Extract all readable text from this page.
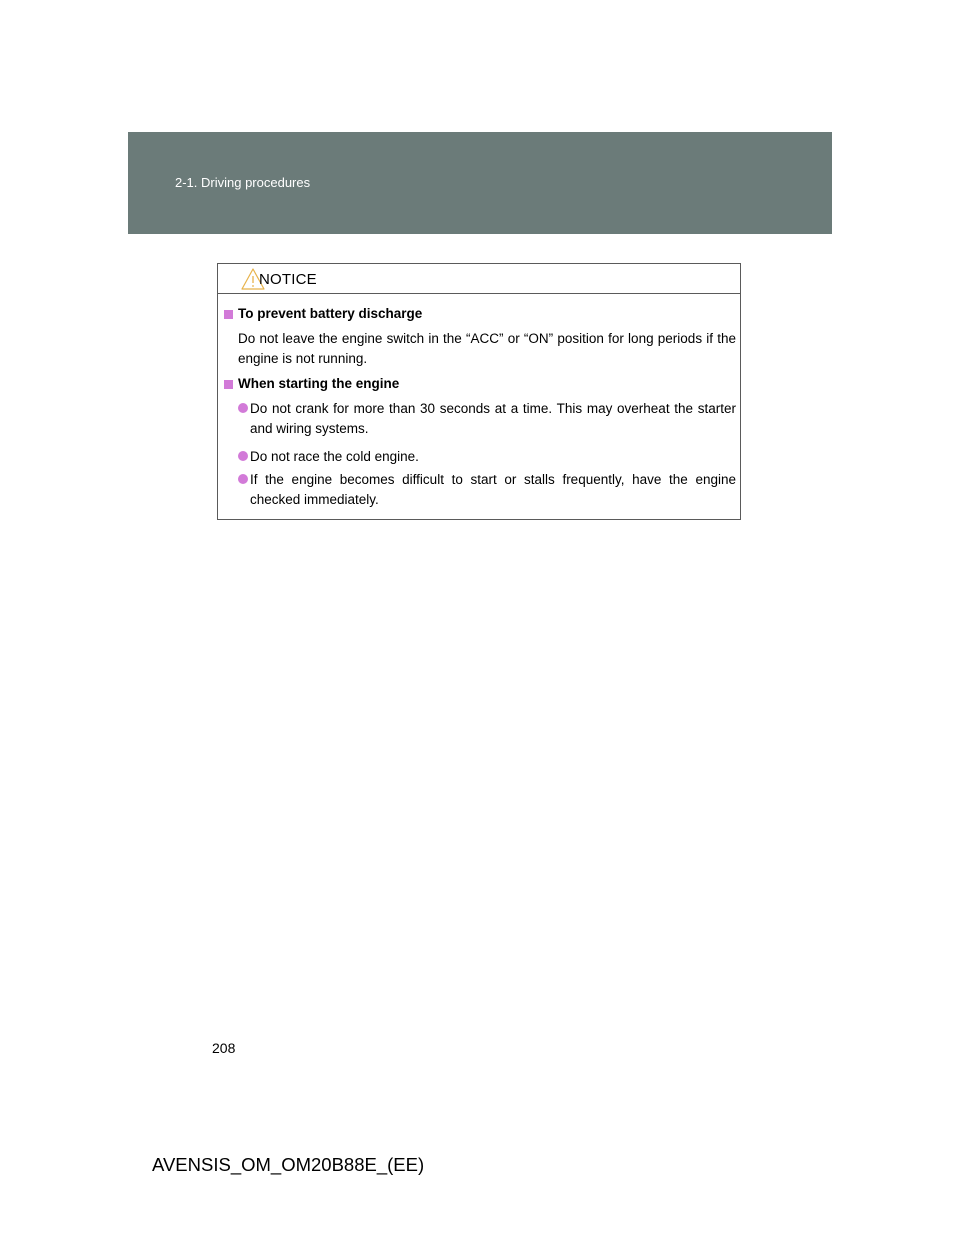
2-1. Driving procedures
NOTICE
To prevent battery discharge
Do not leave the engine switch in the “ACC” or “ON” position for long periods if the engine is not running.
When starting the engine
Do not crank for more than 30 seconds at a time. This may overheat the starter and wiring systems.
Do not race the cold engine.
If the engine becomes difficult to start or stalls frequently, have the engine checked immediately.
208
AVENSIS_OM_OM20B88E_(EE)
